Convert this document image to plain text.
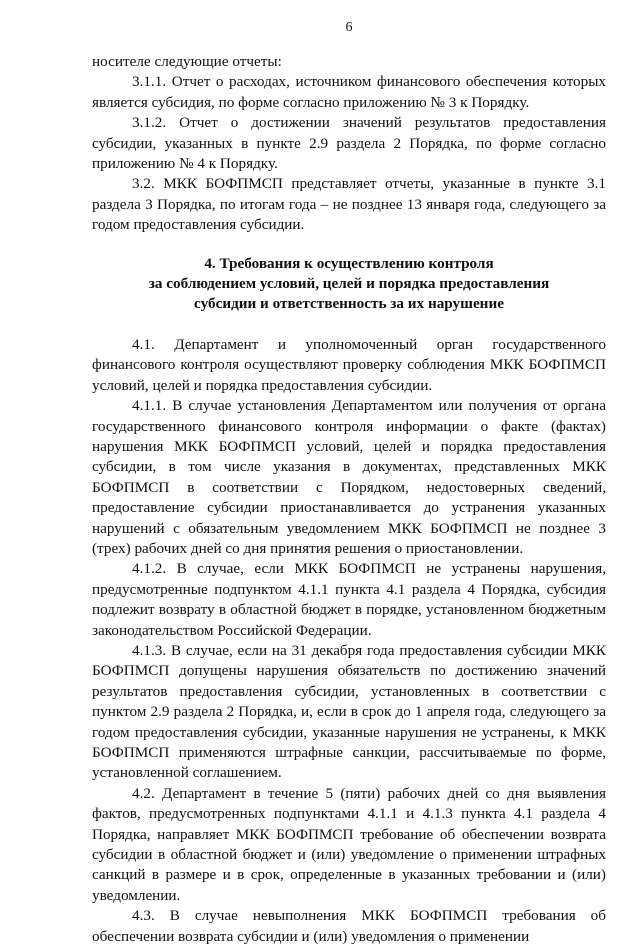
6

носителе следующие отчеты:

3.1.1. Отчет о расходах, источником финансового обеспечения которых является субсидия, по форме согласно приложению № 3 к Порядку.

3.1.2. Отчет о достижении значений результатов предоставления субсидии, указанных в пункте 2.9 раздела 2 Порядка, по форме согласно приложению № 4 к Порядку.

3.2. МКК БОФПМСП представляет отчеты, указанные в пункте 3.1 раздела 3 Порядка, по итогам года – не позднее 13 января года, следующего за годом предоставления субсидии.

4. Требования к осуществлению контроля
за соблюдением условий, целей и порядка предоставления
субсидии и ответственность за их нарушение

4.1. Департамент и уполномоченный орган государственного финансового контроля осуществляют проверку соблюдения МКК БОФПМСП условий, целей и порядка предоставления субсидии.

4.1.1. В случае установления Департаментом или получения от органа государственного финансового контроля информации о факте (фактах) нарушения МКК БОФПМСП условий, целей и порядка предоставления субсидии, в том числе указания в документах, представленных МКК БОФПМСП в соответствии с Порядком, недостоверных сведений, предоставление субсидии приостанавливается до устранения указанных нарушений с обязательным уведомлением МКК БОФПМСП не позднее 3 (трех) рабочих дней со дня принятия решения о приостановлении.

4.1.2. В случае, если МКК БОФПМСП не устранены нарушения, предусмотренные подпунктом 4.1.1 пункта 4.1 раздела 4 Порядка, субсидия подлежит возврату в областной бюджет в порядке, установленном бюджетным законодательством Российской Федерации.

4.1.3. В случае, если на 31 декабря года предоставления субсидии МКК БОФПМСП допущены нарушения обязательств по достижению значений результатов предоставления субсидии, установленных в соответствии с пунктом 2.9 раздела 2 Порядка, и, если в срок до 1 апреля года, следующего за годом предоставления субсидии, указанные нарушения не устранены, к МКК БОФПМСП применяются штрафные санкции, рассчитываемые по форме, установленной соглашением.

4.2. Департамент в течение 5 (пяти) рабочих дней со дня выявления фактов, предусмотренных подпунктами 4.1.1 и 4.1.3 пункта 4.1 раздела 4 Порядка, направляет МКК БОФПМСП требование об обеспечении возврата субсидии в областной бюджет и (или) уведомление о применении штрафных санкций в размере и в срок, определенные в указанных требовании и (или) уведомлении.

4.3. В случае невыполнения МКК БОФПМСП требования об обеспечении возврата субсидии и (или) уведомления о применении
